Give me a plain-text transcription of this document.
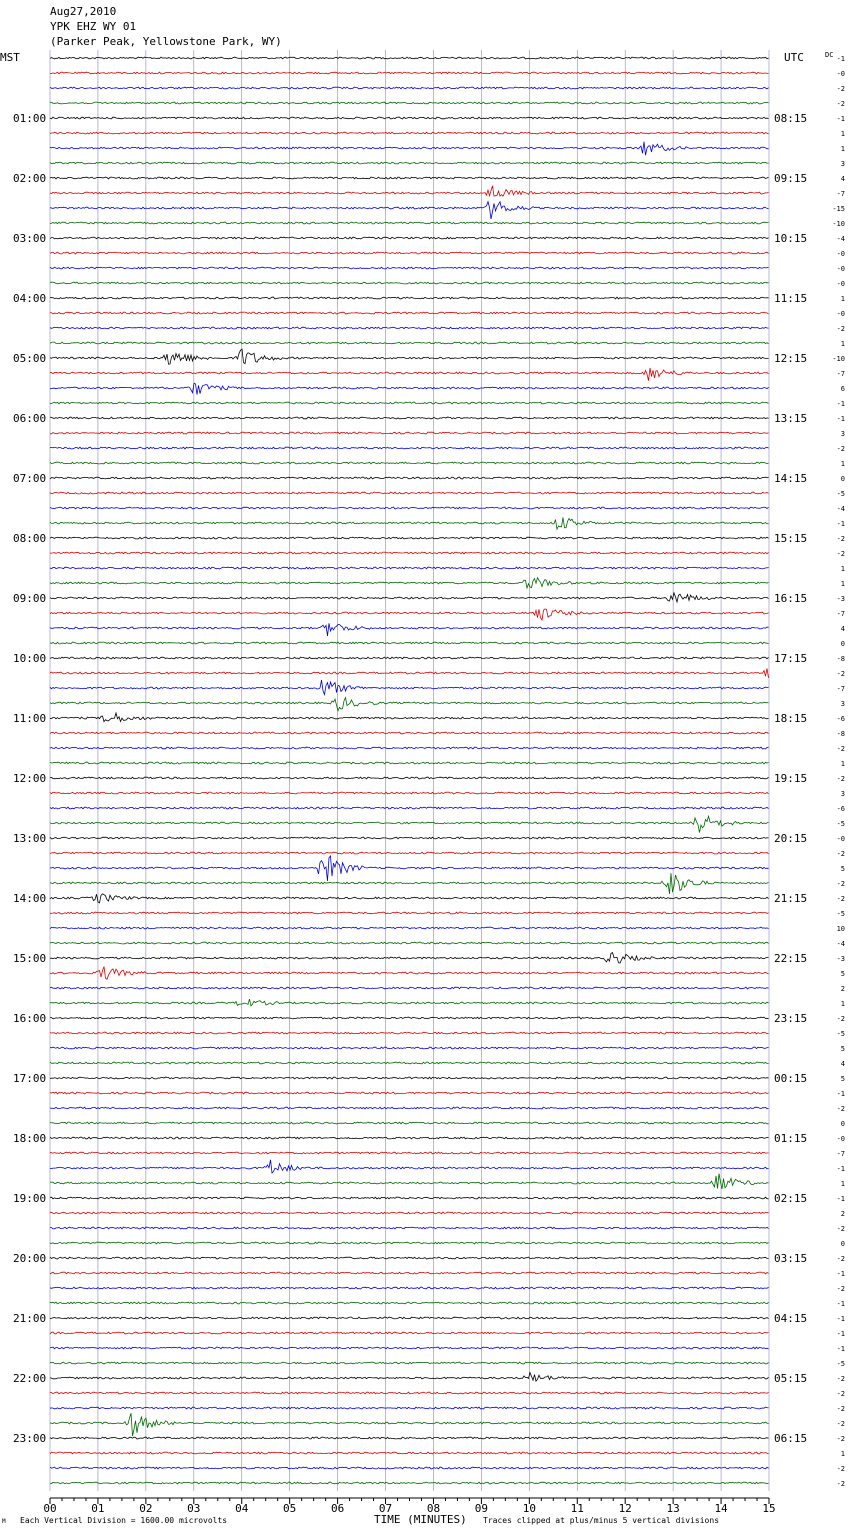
Aug27,2010
YPK EHZ WY 01
(Parker Peak, Yellowstone Park, WY)
MST	UTC	DC
01:00
02:00
03:00
04:00
05:00
06:00
07:00
08:00
09:00
10:00
11:00
12:00
13:00
14:00
15:00
16:00
17:00
18:00
19:00
20:00
21:00
22:00
23:00
08:15
09:15
10:15
11:15
12:15
13:15
14:15
15:15
16:15
17:15
18:15
19:15
20:15
21:15
22:15
23:15
00:15
01:15
02:15
03:15
04:15
05:15
06:15
-1
-0
-2
-2
-1
1
1
3
4
-7
-15
-10
-4
-0
-0
-0
1
-0
-2
1
-10
-7
6
-1
-1
3
-2
1
0
-5
-4
-1
-2
-2
1
1
-3
-7
4
0
-8
-2
-7
3
-6
-8
-2
1
-2
3
-6
-5
-0
-2
5
-2
-2
-5
10
-4
-3
5
2
1
-2
-5
5
4
5
-1
-2
0
-0
-7
-1
1
-1
2
-2
0
-2
-1
-2
-1
-1
-1
-1
-5
-2
-2
-2
-2
-2
1
-2
-2
00	01	02	03	04	05	06	07	08	09	10	11	12	13	14	15
M Each Vertical Division = 1600.00 microvolts	TIME (MINUTES) Traces clipped at plus/minus 5 vertical divisions
